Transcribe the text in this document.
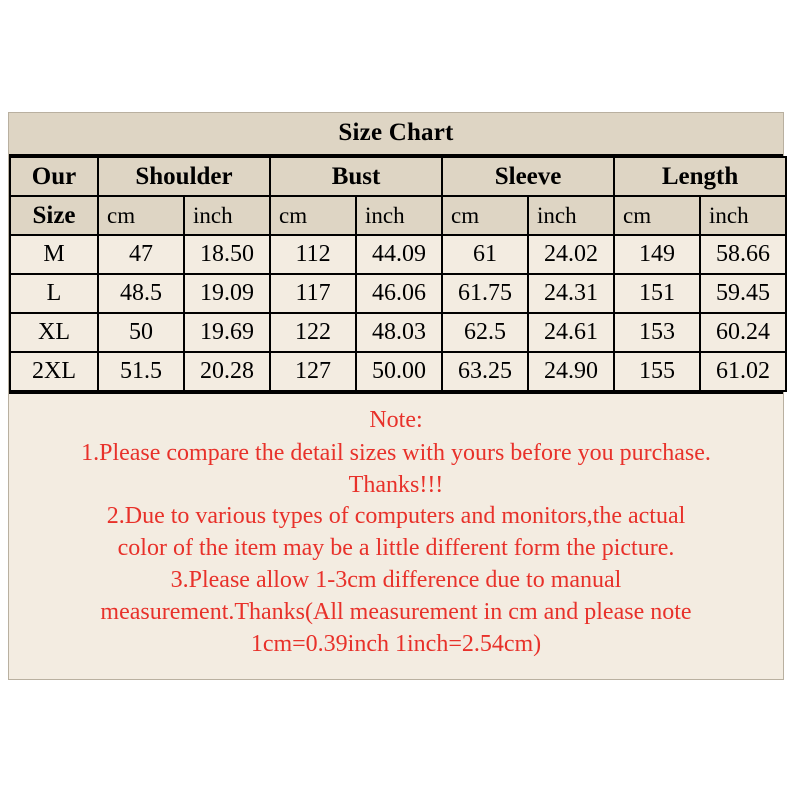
Size Chart
Our	Shoulder		Bust		Sleeve		Length	
Size	cm	inch	cm	inch	cm	inch	cm	inch
M	47	18.50	112	44.09	61	24.02	149	58.66
L	48.5	19.09	117	46.06	61.75	24.31	151	59.45
XL	50	19.69	122	48.03	62.5	24.61	153	60.24
2XL	51.5	20.28	127	50.00	63.25	24.90	155	61.02
Note:
1.Please compare the detail sizes with yours before you purchase.
Thanks!!!
2.Due to various types of computers and monitors,the actual
color of the item may be a little different form the picture.
3.Please allow 1-3cm difference due to manual
measurement.Thanks(All measurement in cm and please note
1cm=0.39inch 1inch=2.54cm)
